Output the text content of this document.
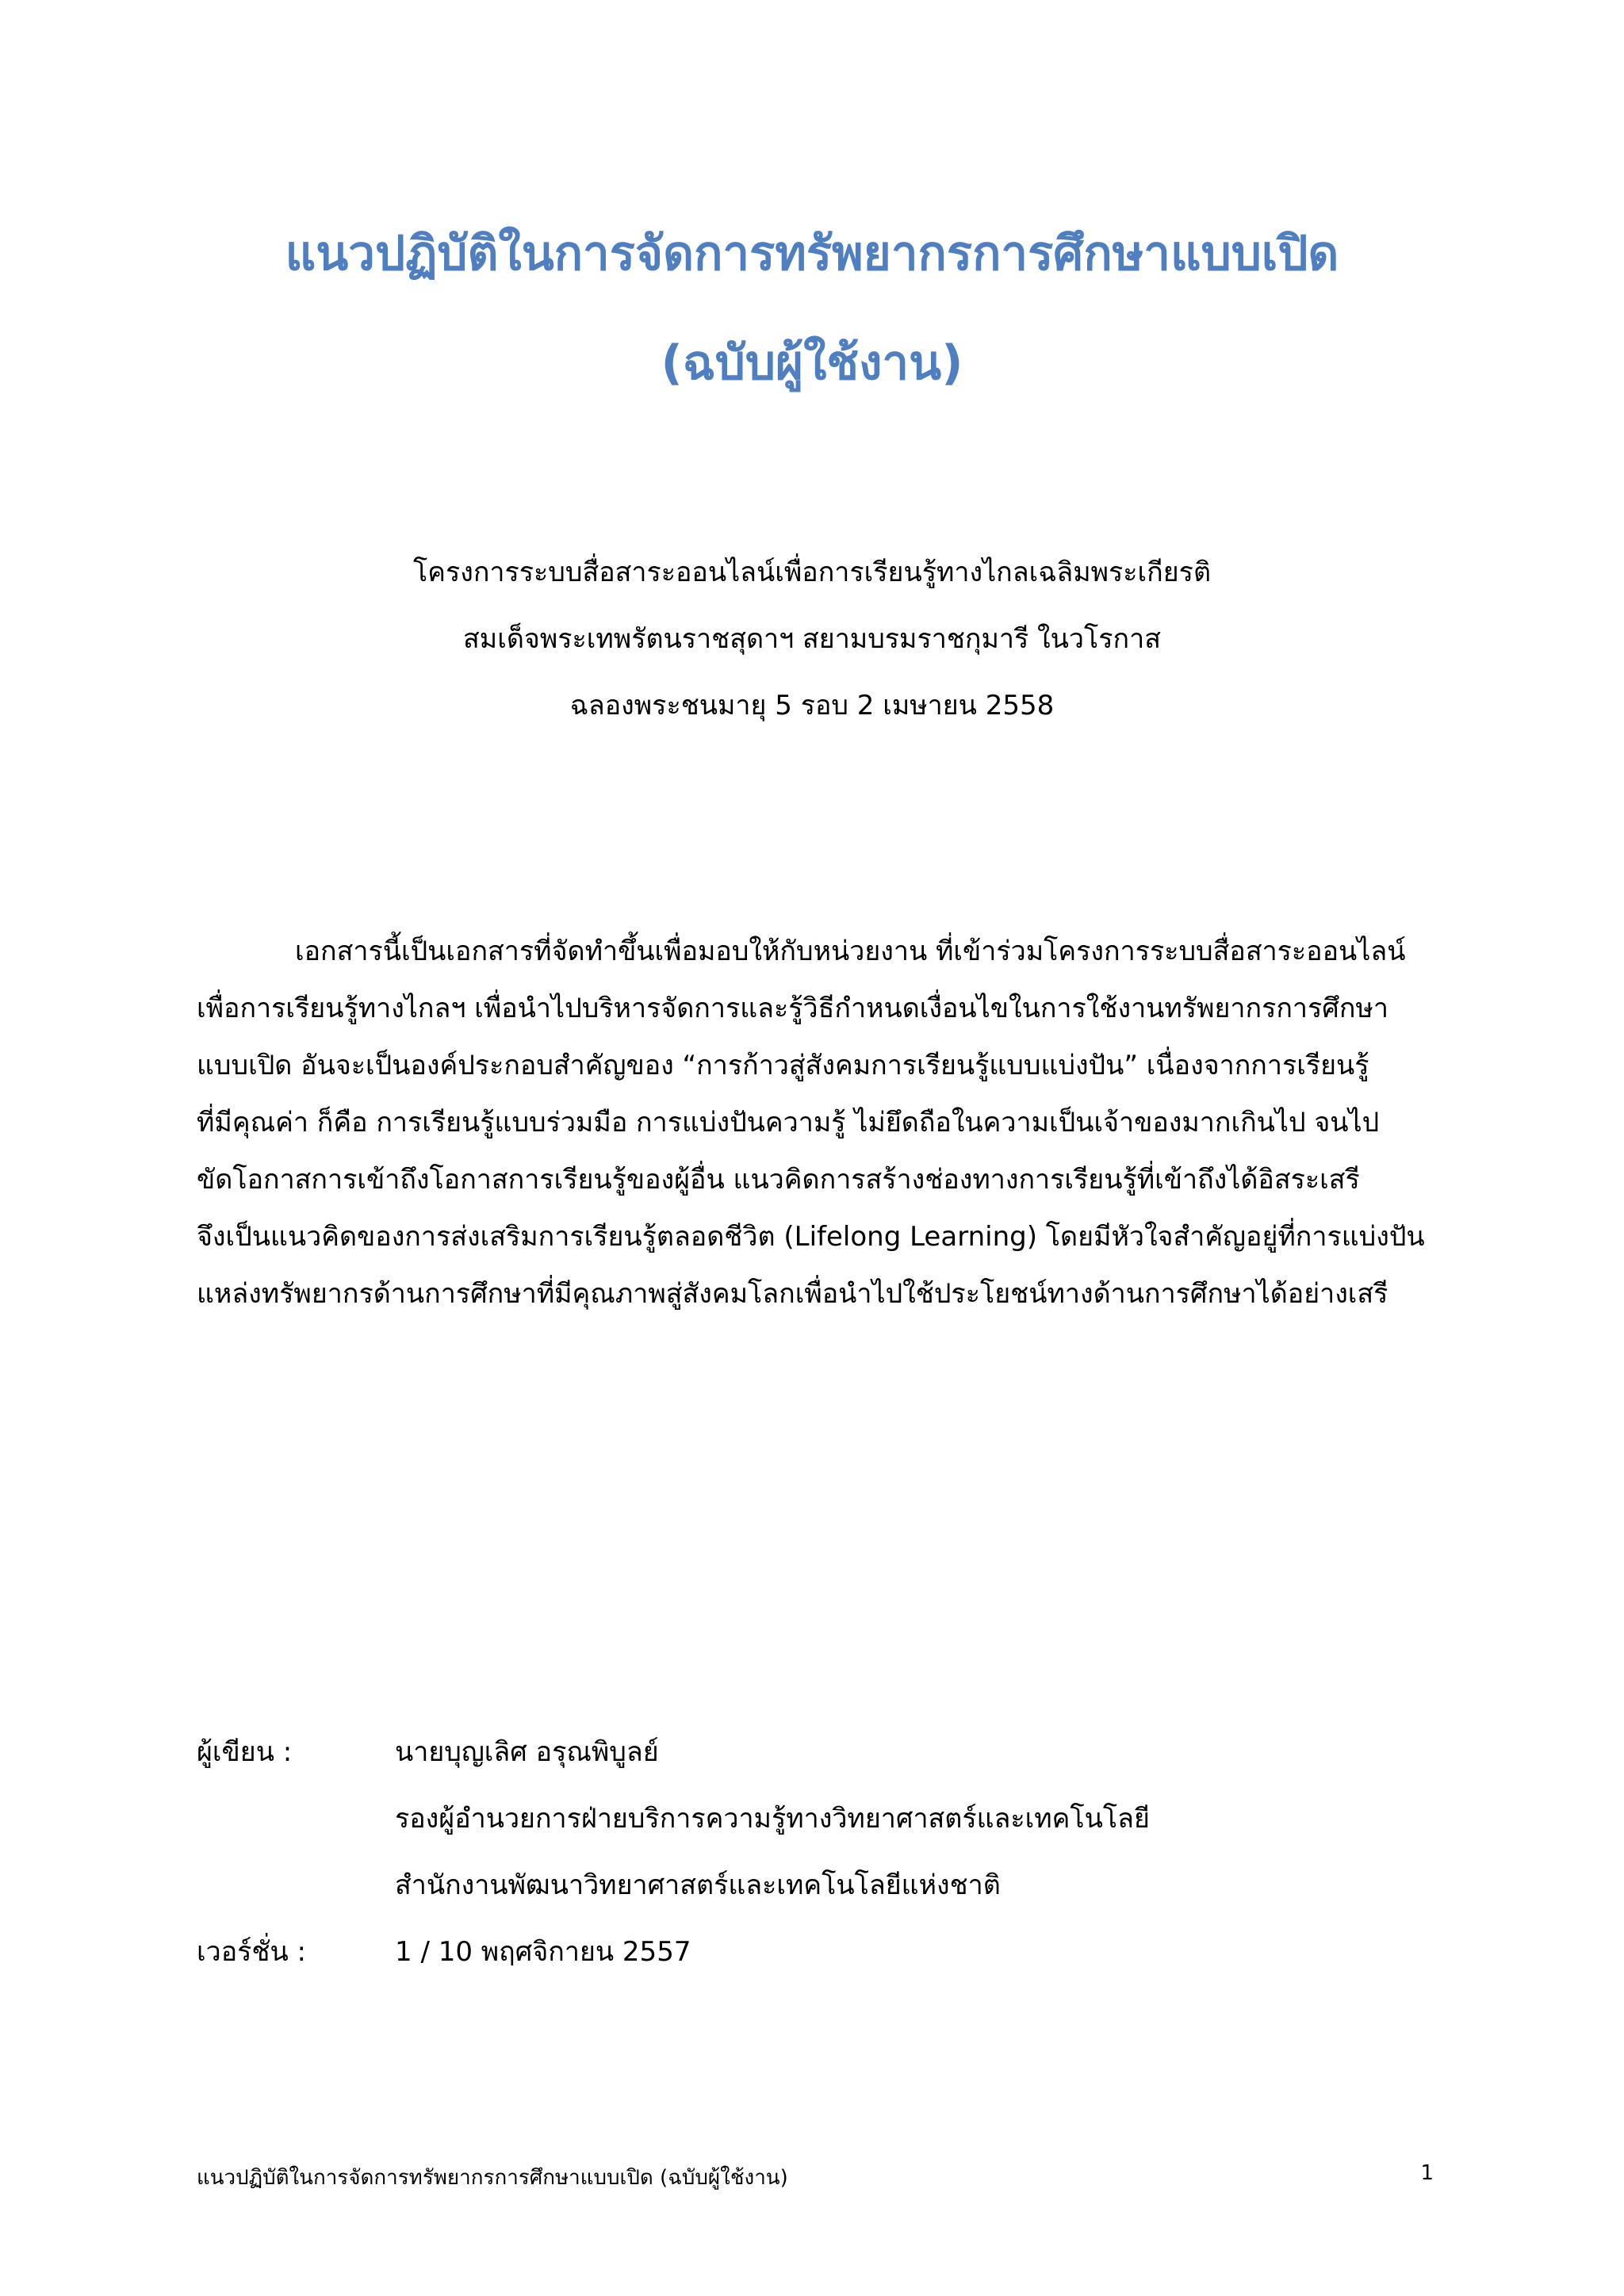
แนวปฏิบัติในการจัดการทรัพยากรการศึกษาแบบเปิด
(ฉบับผู้ใช้งาน)
โครงการระบบสื่อสาระออนไลน์เพื่อการเรียนรู้ทางไกลเฉลิมพระเกียรติ
สมเด็จพระเทพรัตนราชสุดาฯ สยามบรมราชกุมารี ในวโรกาส
ฉลองพระชนมายุ 5 รอบ 2 เมษายน 2558
เอกสารนี้เป็นเอกสารที่จัดทำขึ้นเพื่อมอบให้กับหน่วยงาน ที่เข้าร่วมโครงการระบบสื่อสาระออนไลน์
เพื่อการเรียนรู้ทางไกลฯ เพื่อนำไปบริหารจัดการและรู้วิธีกำหนดเงื่อนไขในการใช้งานทรัพยากรการศึกษา
แบบเปิด อันจะเป็นองค์ประกอบสำคัญของ “การก้าวสู่สังคมการเรียนรู้แบบแบ่งปัน” เนื่องจากการเรียนรู้
ที่มีคุณค่า ก็คือ การเรียนรู้แบบร่วมมือ การแบ่งปันความรู้ ไม่ยึดถือในความเป็นเจ้าของมากเกินไป จนไป
ขัดโอกาสการเข้าถึงโอกาสการเรียนรู้ของผู้อื่น แนวคิดการสร้างช่องทางการเรียนรู้ที่เข้าถึงได้อิสระเสรี
จึงเป็นแนวคิดของการส่งเสริมการเรียนรู้ตลอดชีวิต (Lifelong Learning) โดยมีหัวใจสำคัญอยู่ที่การแบ่งปัน
แหล่งทรัพยากรด้านการศึกษาที่มีคุณภาพสู่สังคมโลกเพื่อนำไปใช้ประโยชน์ทางด้านการศึกษาได้อย่างเสรี
ผู้เขียน :	นายบุญเลิศ อรุณพิบูลย์
รองผู้อำนวยการฝ่ายบริการความรู้ทางวิทยาศาสตร์และเทคโนโลยี
สำนักงานพัฒนาวิทยาศาสตร์และเทคโนโลยีแห่งชาติ
เวอร์ชั่น :	1 / 10 พฤศจิกายน 2557
แนวปฏิบัติในการจัดการทรัพยากรการศึกษาแบบเปิด (ฉบับผู้ใช้งาน)	1
